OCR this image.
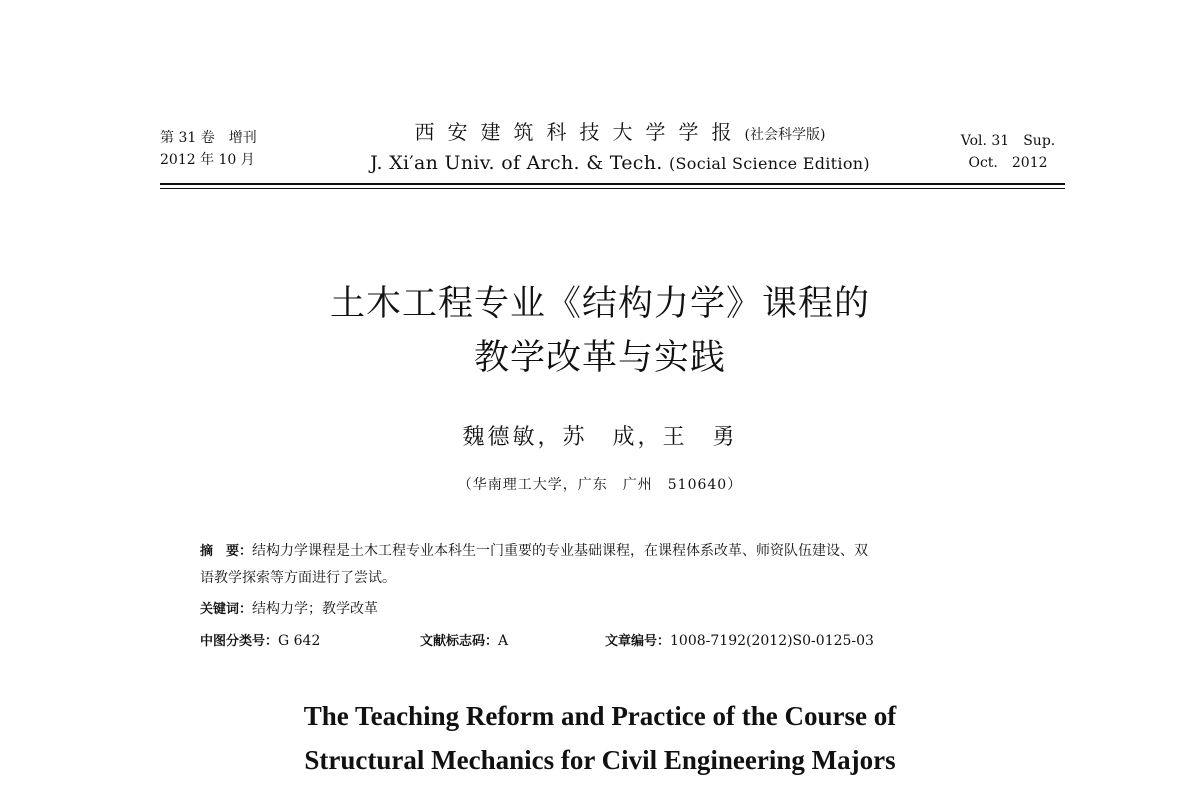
第 31 卷　增刊
2012 年 10 月
西安建筑科技大学学报(社会科学版)
J. Xi′an Univ. of Arch. & Tech. (Social Science Edition)
Vol. 31　Sup.
Oct.　2012
土木工程专业《结构力学》课程的
教学改革与实践
魏德敏，苏　成，王　勇
（华南理工大学，广东　广州　510640）
摘　要：结构力学课程是土木工程专业本科生一门重要的专业基础课程，在课程体系改革、师资队伍建设、双
语教学探索等方面进行了尝试。
关键词：结构力学；教学改革
中图分类号：G 642	文献标志码：A	文章编号：1008-7192(2012)S0-0125-03
The Teaching Reform and Practice of the Course of
Structural Mechanics for Civil Engineering Majors
